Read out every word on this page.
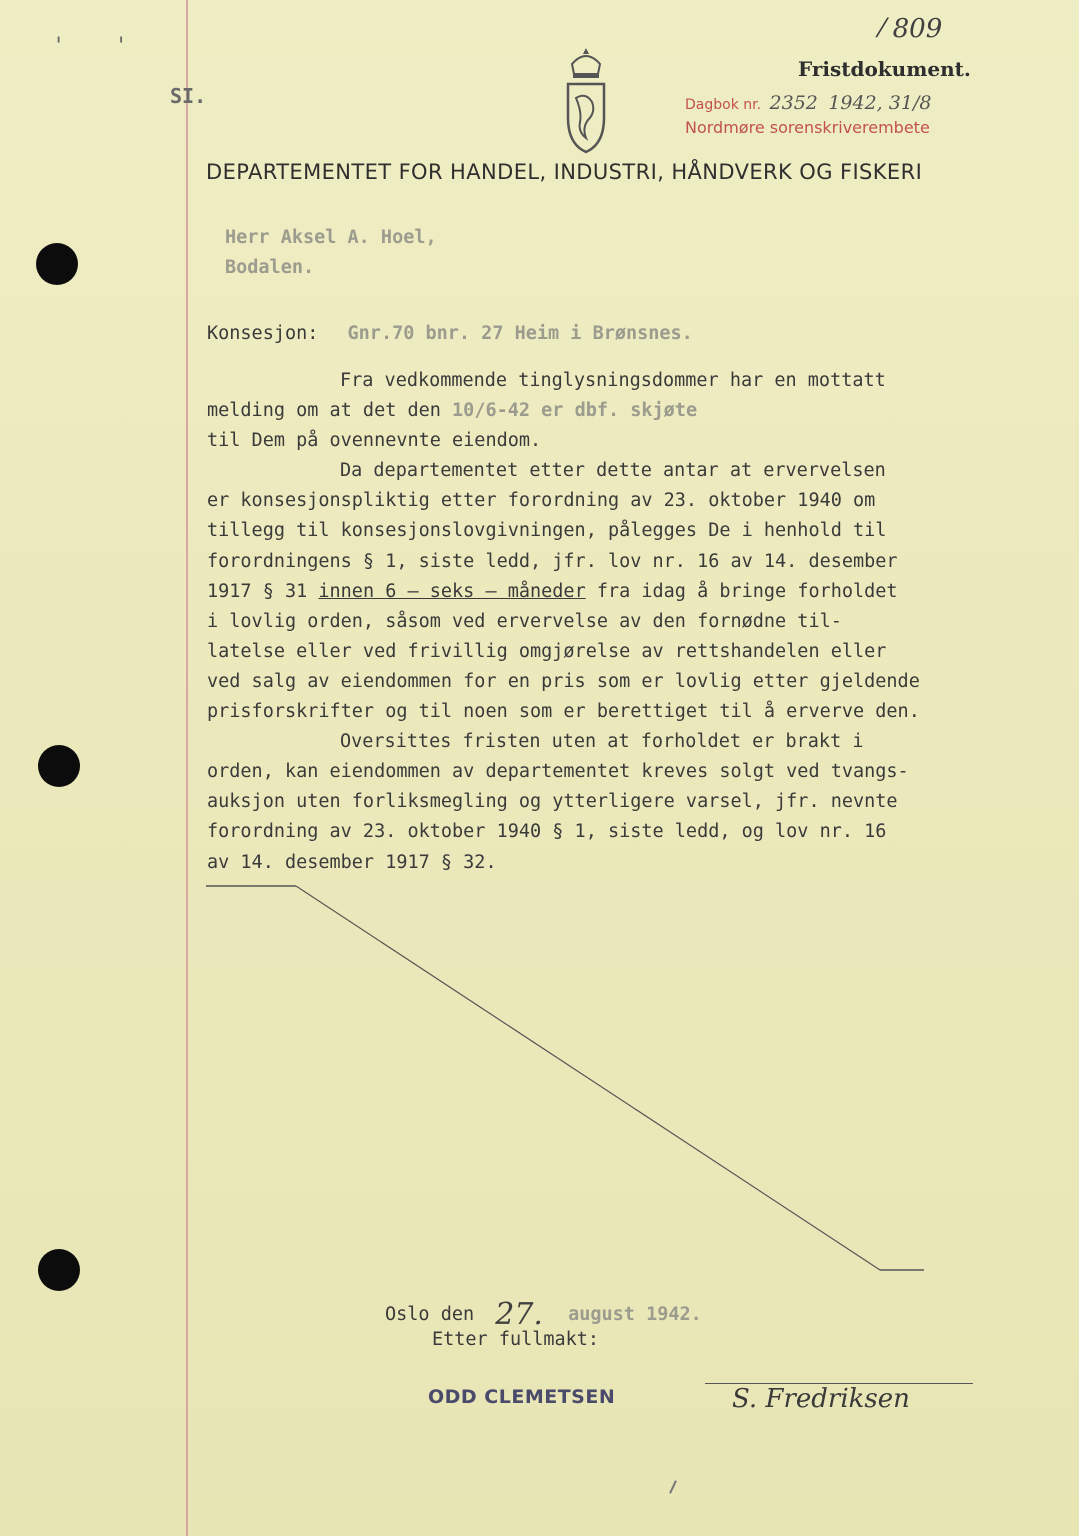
' '
SI.
⁄ 809
Fristdokument.
Dagbok nr. 2352 1942, 31/8
Nordmøre sorenskriverembete
DEPARTEMENTET FOR HANDEL, INDUSTRI, HÅNDVERK OG FISKERI
Herr Aksel A. Hoel,
Bodalen.
Konsesjon: Gnr.70 bnr. 27 Heim i Brønsnes.

Fra vedkommende tinglysningsdommer har en mottatt

melding om at det den 10/6-42 er dbf. skjøte

til Dem på ovennevnte eiendom.

Da departementet etter dette antar at ervervelsen

er konsesjonspliktig etter forordning av 23. oktober 1940 om

tillegg til konsesjonslovgivningen, pålegges De i henhold til

forordningens § 1, siste ledd, jfr. lov nr. 16 av 14. desember

1917 § 31 innen 6 – seks – måneder fra idag å bringe forholdet

i lovlig orden, såsom ved ervervelse av den fornødne til-

latelse eller ved frivillig omgjørelse av rettshandelen eller

ved salg av eiendommen for en pris som er lovlig etter gjeldende

prisforskrifter og til noen som er berettiget til å erverve den.

Oversittes fristen uten at forholdet er brakt i

orden, kan eiendommen av departementet kreves solgt ved tvangs-

auksjon uten forliksmegling og ytterligere varsel, jfr. nevnte

forordning av 23. oktober 1940 § 1, siste ledd, og lov nr. 16

av 14. desember 1917 § 32.

Oslo den 27. august 1942.
Etter fullmakt:
ODD CLEMETSEN	S. Fredriksen
